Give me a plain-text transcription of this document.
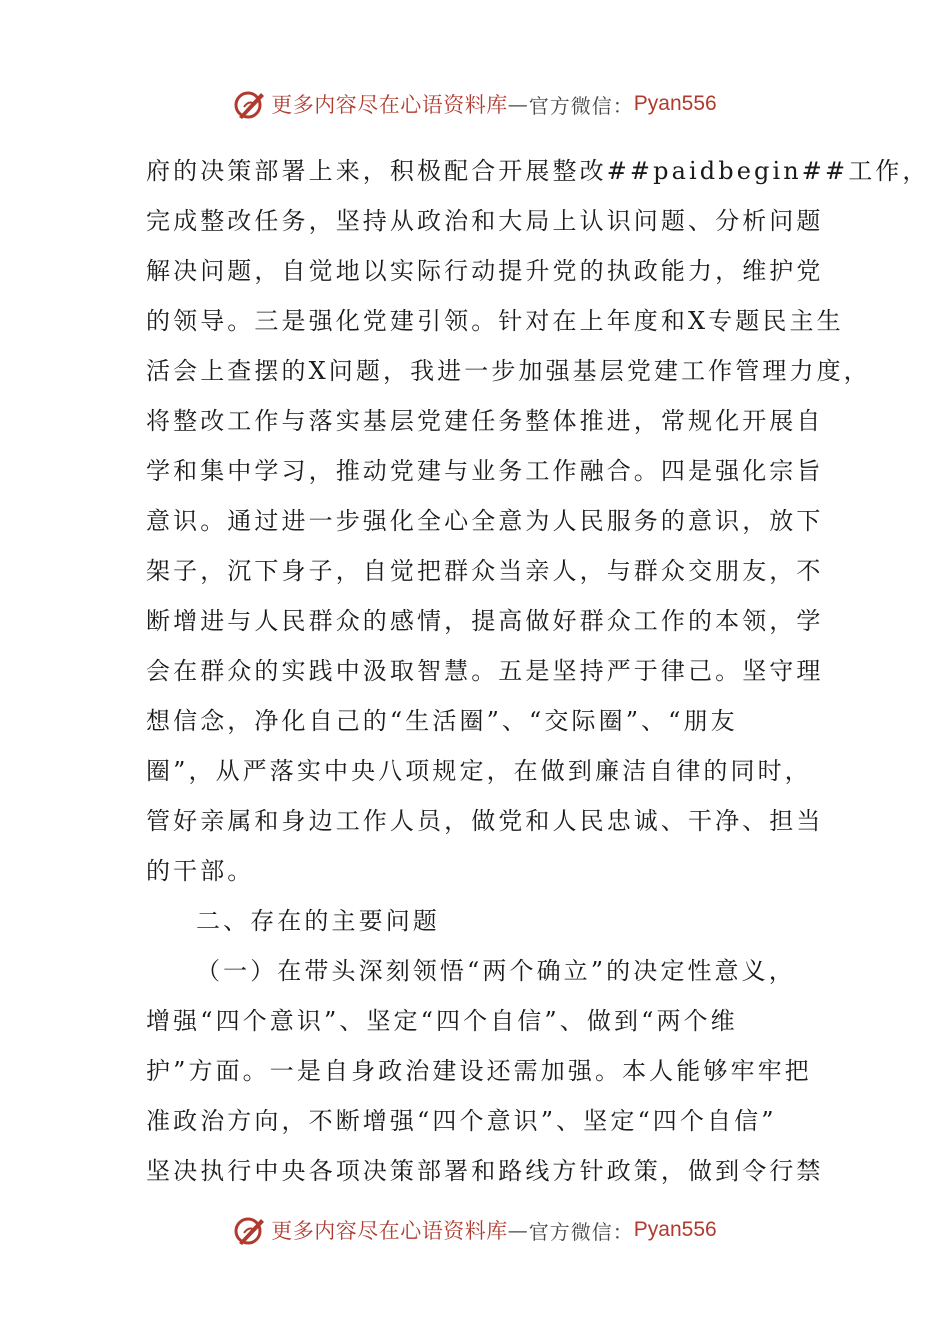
更多内容尽在心语资料库 — 官方微信： Pyan556
府的决策部署上来，积极配合开展整改##paidbegin##工作，
完成整改任务，坚持从政治和大局上认识问题、分析问题
解决问题，自觉地以实际行动提升党的执政能力，维护党
的领导。三是强化党建引领。针对在上年度和X专题民主生
活会上查摆的X问题，我进一步加强基层党建工作管理力度，
将整改工作与落实基层党建任务整体推进，常规化开展自
学和集中学习，推动党建与业务工作融合。四是强化宗旨
意识。通过进一步强化全心全意为人民服务的意识，放下
架子，沉下身子，自觉把群众当亲人，与群众交朋友，不
断增进与人民群众的感情，提高做好群众工作的本领，学
会在群众的实践中汲取智慧。五是坚持严于律己。坚守理
想信念，净化自己的“生活圈”、“交际圈”、“朋友
圈”，从严落实中央八项规定，在做到廉洁自律的同时，
管好亲属和身边工作人员，做党和人民忠诚、干净、担当
的干部。
二、存在的主要问题
（一）在带头深刻领悟“两个确立”的决定性意义，
增强“四个意识”、坚定“四个自信”、做到“两个维
护”方面。一是自身政治建设还需加强。本人能够牢牢把
准政治方向，不断增强“四个意识”、坚定“四个自信”
坚决执行中央各项决策部署和路线方针政策，做到令行禁
更多内容尽在心语资料库 — 官方微信： Pyan556
